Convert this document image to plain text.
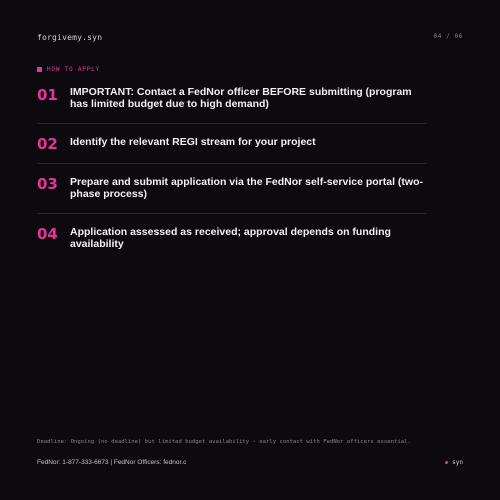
forgivemy.syn	04 / 06
HOW TO APPLY
01	IMPORTANT: Contact a FedNor officer BEFORE submitting (program has limited budget due to high demand)
02	Identify the relevant REGI stream for your project
03	Prepare and submit application via the FedNor self-service portal (two-phase process)
04	Application assessed as received; approval depends on funding availability
Deadline: Ongoing (no deadline) but limited budget availability - early contact with FedNor officers essential.
FedNor: 1-877-333-6673 | FedNor Officers: fednor.c	syn
